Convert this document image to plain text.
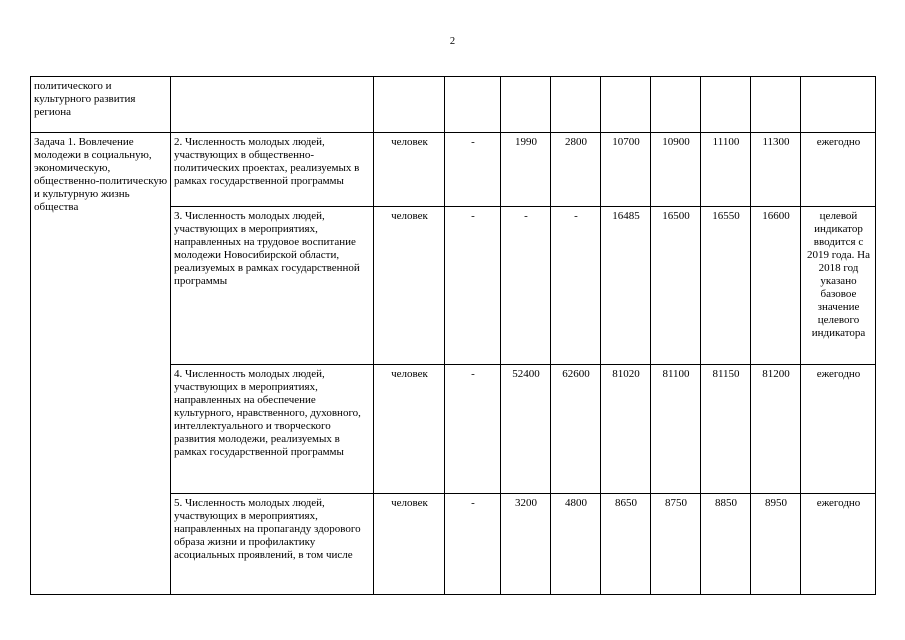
2
политического и культурного развития региона										
Задача 1. Вовлечение молодежи в социальную, экономическую, общественно-политическую и культурную жизнь общества	2. Численность молодых людей, участвующих в общественно-политических проектах, реализуемых в рамках государственной программы	человек	-	1990	2800	10700	10900	11100	11300	ежегодно
	3. Численность молодых людей, участвующих в мероприятиях, направленных на трудовое воспитание молодежи Новосибирской области, реализуемых в рамках государственной программы	человек	-	-	-	16485	16500	16550	16600	целевой индикатор вводится с 2019 года. На 2018 год указано базовое значение целевого индикатора
	4. Численность молодых людей, участвующих в мероприятиях, направленных на обеспечение культурного, нравственного, духовного, интеллектуального и творческого развития молодежи, реализуемых в рамках государственной программы	человек	-	52400	62600	81020	81100	81150	81200	ежегодно
	5. Численность молодых людей, участвующих в мероприятиях, направленных на пропаганду здорового образа жизни и профилактику асоциальных проявлений, в том числе	человек	-	3200	4800	8650	8750	8850	8950	ежегодно
